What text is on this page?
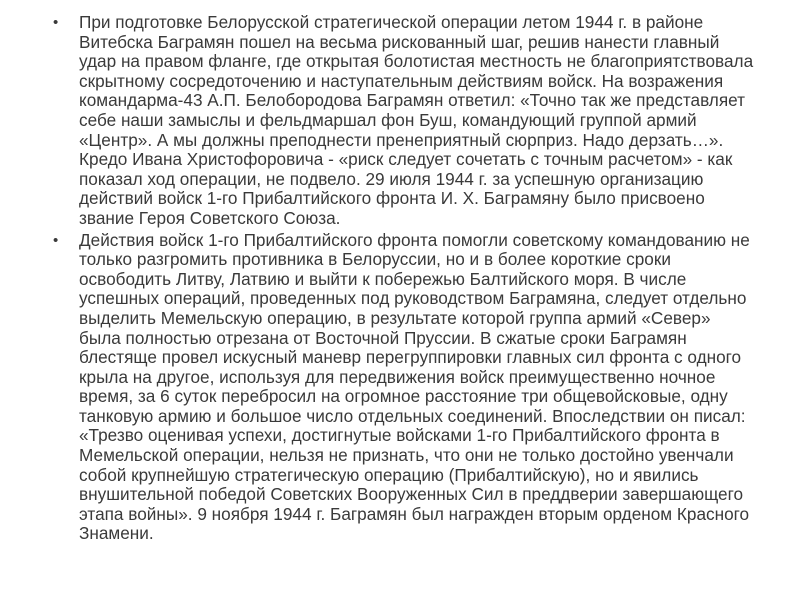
• При подготовке Белорусской стратегической операции летом 1944 г. в районе Витебска Баграмян пошел на весьма рискованный шаг, решив нанести главный удар на правом фланге, где открытая болотистая местность не благоприятствовала скрытному сосредоточению и наступательным действиям войск. На возражения командарма-43 А.П. Белобородова Баграмян ответил: «Точно так же представляет себе наши замыслы и фельдмаршал фон Буш, командующий группой армий «Центр». А мы должны преподнести пренеприятный сюрприз. Надо дерзать…». Кредо Ивана Христофоровича - «риск следует сочетать с точным расчетом» - как показал ход операции, не подвело. 29 июля 1944 г. за успешную организацию действий войск 1-го Прибалтийского фронта И. Х. Баграмяну было присвоено звание Героя Советского Союза.
• Действия войск 1-го Прибалтийского фронта помогли советскому командованию не только разгромить противника в Белоруссии, но и в более короткие сроки освободить Литву, Латвию и выйти к побережью Балтийского моря. В числе успешных операций, проведенных под руководством Баграмяна, следует отдельно выделить Мемельскую операцию, в результате которой группа армий «Север» была полностью отрезана от Восточной Пруссии. В сжатые сроки Баграмян блестяще провел искусный маневр перегруппировки главных сил фронта с одного крыла на другое, используя для передвижения войск преимущественно ночное время, за 6 суток перебросил на огромное расстояние три общевойсковые, одну танковую армию и большое число отдельных соединений. Впоследствии он писал: «Трезво оценивая успехи, достигнутые войсками 1-го Прибалтийского фронта в Мемельской операции, нельзя не признать, что они не только достойно увенчали собой крупнейшую стратегическую операцию (Прибалтийскую), но и явились внушительной победой Советских Вооруженных Сил в преддверии завершающего этапа войны». 9 ноября 1944 г. Баграмян был награжден вторым орденом Красного Знамени.
